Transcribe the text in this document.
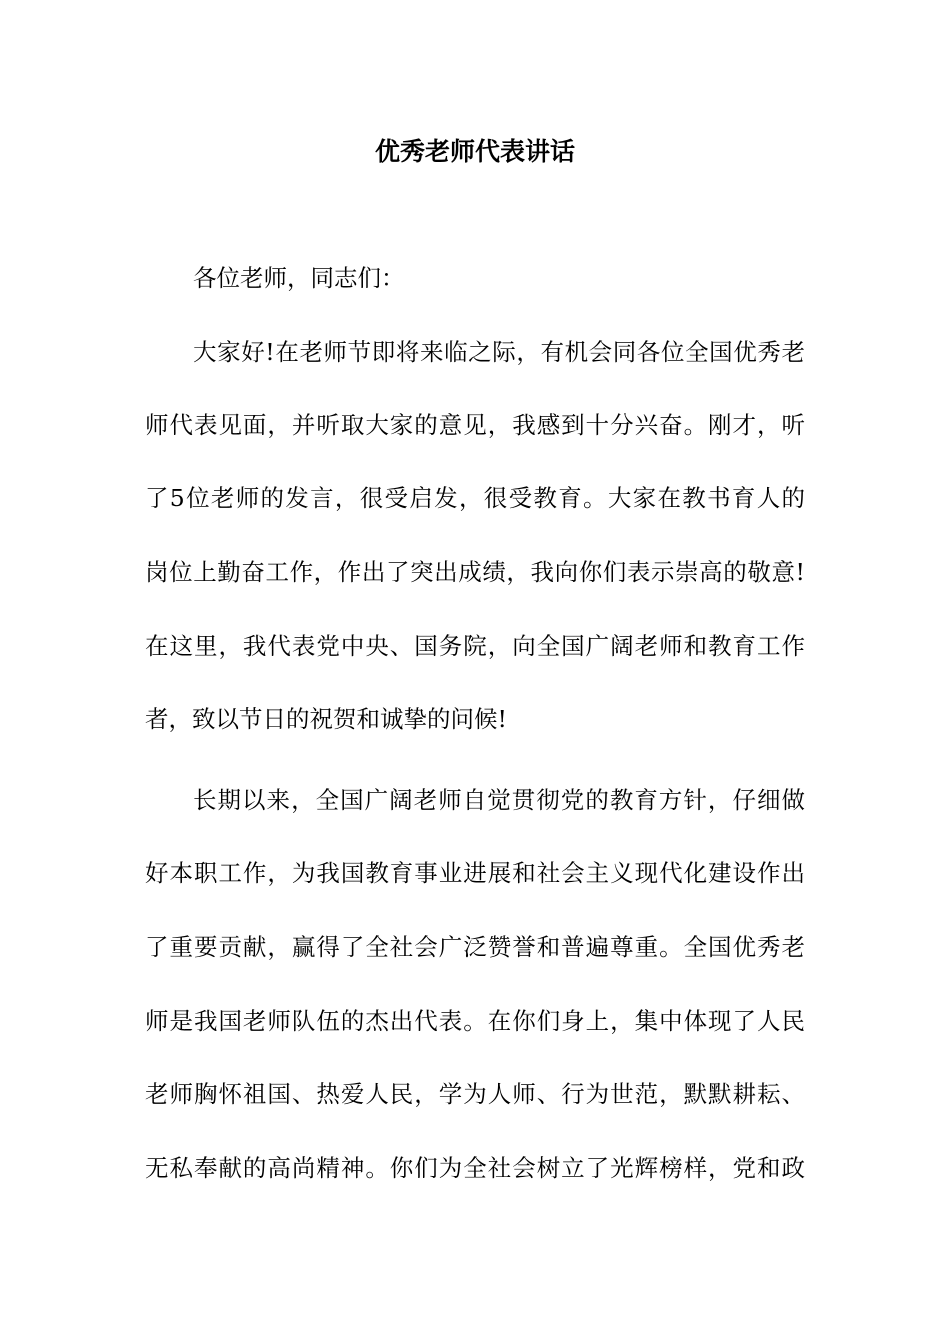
优秀老师代表讲话

各位老师，同志们：

大家好!在老师节即将来临之际，有机会同各位全国优秀老

师代表见面，并听取大家的意见，我感到十分兴奋。刚才，听

了5位老师的发言，很受启发，很受教育。大家在教书育人的

岗位上勤奋工作，作出了突出成绩，我向你们表示崇高的敬意!

在这里，我代表党中央、国务院，向全国广阔老师和教育工作

者，致以节日的祝贺和诚挚的问候!

长期以来，全国广阔老师自觉贯彻党的教育方针，仔细做

好本职工作，为我国教育事业进展和社会主义现代化建设作出

了重要贡献，赢得了全社会广泛赞誉和普遍尊重。全国优秀老

师是我国老师队伍的杰出代表。在你们身上，集中体现了人民

老师胸怀祖国、热爱人民，学为人师、行为世范，默默耕耘、

无私奉献的高尚精神。你们为全社会树立了光辉榜样，党和政
